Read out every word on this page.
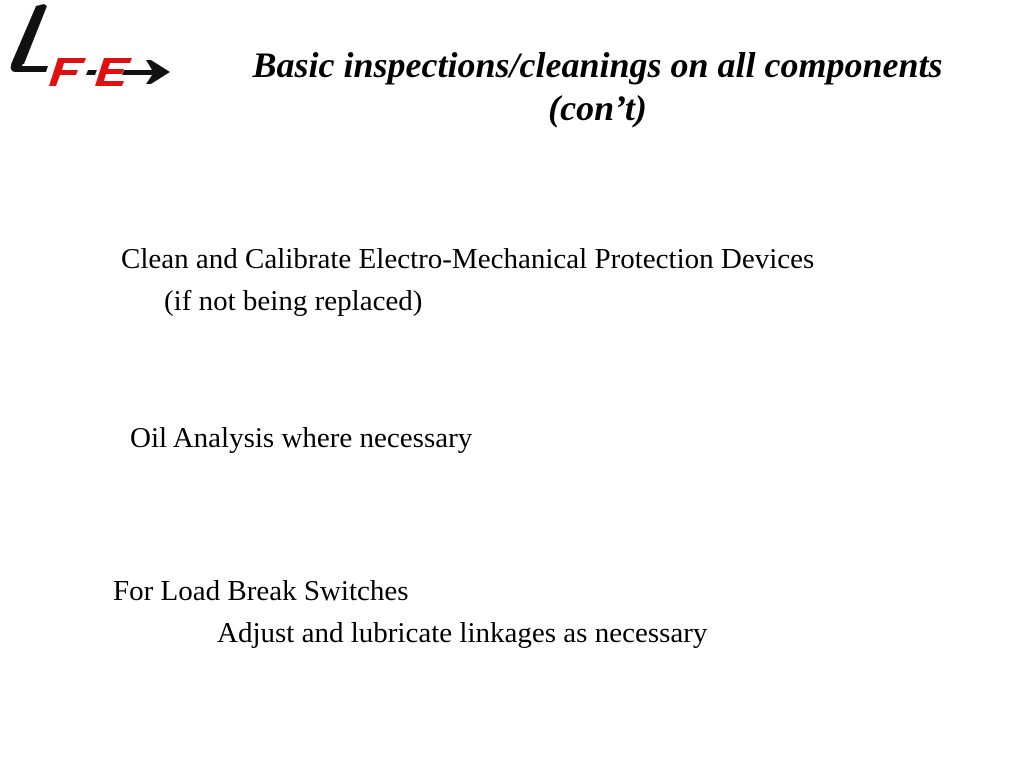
Basic inspections/cleanings on all components
(con’t)

Clean and Calibrate Electro-Mechanical Protection Devices
(if not being replaced)

Oil Analysis where necessary

For Load Break Switches
Adjust and lubricate linkages as necessary
